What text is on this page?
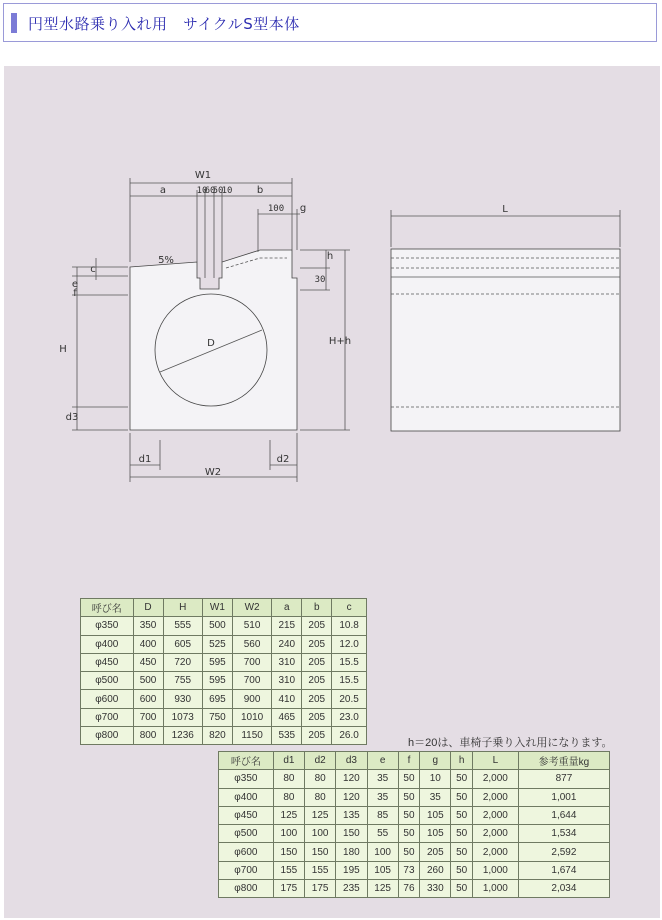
円型水路乗り入れ用　サイクルS型本体
W1
a	10
60
50
10 b
100 g
5%
c
e
f
H
d3
D
h
30
H+h
d1	d2
W2
L
呼び名	D	H	W1	W2	a	b	c
φ350	350	555	500	510	215	205	10.8
φ400	400	605	525	560	240	205	12.0
φ450	450	720	595	700	310	205	15.5
φ500	500	755	595	700	310	205	15.5
φ600	600	930	695	900	410	205	20.5
φ700	700	1073	750	1010	465	205	23.0
φ800	800	1236	820	1150	535	205	26.0
h＝20は、車椅子乗り入れ用になります。
呼び名	d1	d2	d3	e	f	g	h	L	参考重量kg
φ350	80	80	120	35	50	10	50	2,000	877
φ400	80	80	120	35	50	35	50	2,000	1,001
φ450	125	125	135	85	50	105	50	2,000	1,644
φ500	100	100	150	55	50	105	50	2,000	1,534
φ600	150	150	180	100	50	205	50	2,000	2,592
φ700	155	155	195	105	73	260	50	1,000	1,674
φ800	175	175	235	125	76	330	50	1,000	2,034
